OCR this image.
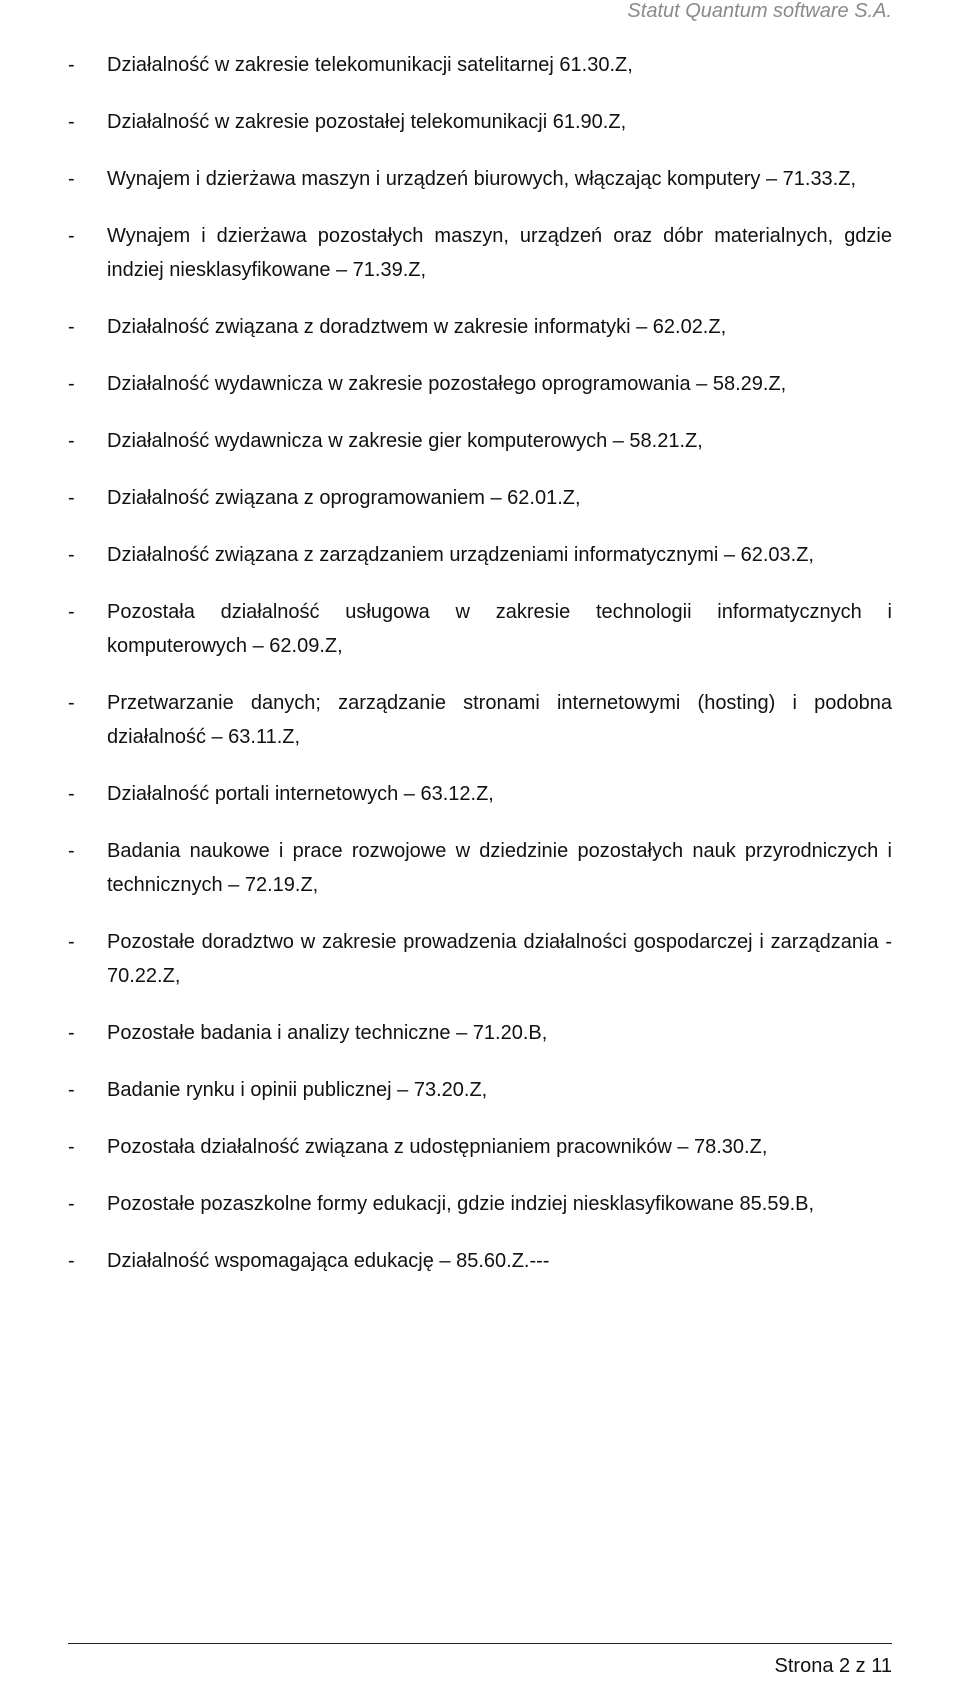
Statut Quantum software S.A.
-	Działalność w zakresie telekomunikacji satelitarnej 61.30.Z,
-	Działalność w zakresie pozostałej telekomunikacji 61.90.Z,
-	Wynajem i dzierżawa maszyn i urządzeń biurowych, włączając komputery – 71.33.Z,
-	Wynajem i dzierżawa pozostałych maszyn, urządzeń oraz dóbr materialnych, gdzie indziej niesklasyfikowane – 71.39.Z,
-	Działalność związana z doradztwem w zakresie informatyki – 62.02.Z,
-	Działalność wydawnicza w zakresie pozostałego oprogramowania – 58.29.Z,
-	Działalność wydawnicza w zakresie gier komputerowych – 58.21.Z,
-	Działalność związana z oprogramowaniem – 62.01.Z,
-	Działalność związana z zarządzaniem urządzeniami informatycznymi – 62.03.Z,
-	Pozostała działalność usługowa w zakresie technologii informatycznych i komputerowych – 62.09.Z,
-	Przetwarzanie danych; zarządzanie stronami internetowymi (hosting) i podobna działalność – 63.11.Z,
-	Działalność portali internetowych – 63.12.Z,
-	Badania naukowe i prace rozwojowe w dziedzinie pozostałych nauk przyrodniczych i technicznych – 72.19.Z,
-	Pozostałe doradztwo w zakresie prowadzenia działalności gospodarczej i zarządzania - 70.22.Z,
-	Pozostałe badania i analizy techniczne – 71.20.B,
-	Badanie rynku i opinii publicznej – 73.20.Z,
-	Pozostała działalność związana z udostępnianiem pracowników – 78.30.Z,
-	Pozostałe pozaszkolne formy edukacji, gdzie indziej niesklasyfikowane 85.59.B,
-	Działalność wspomagająca edukację – 85.60.Z.---
Strona 2 z 11
